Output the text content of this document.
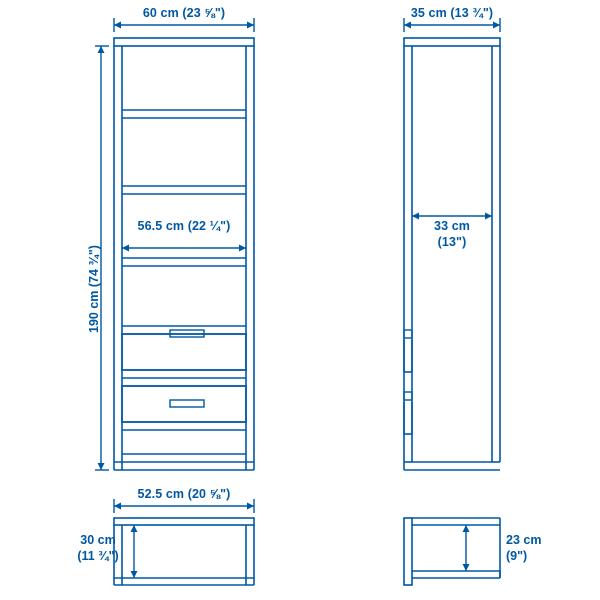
60 cm (23 ⅝")
56.5 cm (22 ¼")
190 cm (74 ¾")
35 cm (13 ¾")
33 cm
(13")
52.5 cm (20 ⅝")
30 cm
(11 ¾")
23 cm
(9")
